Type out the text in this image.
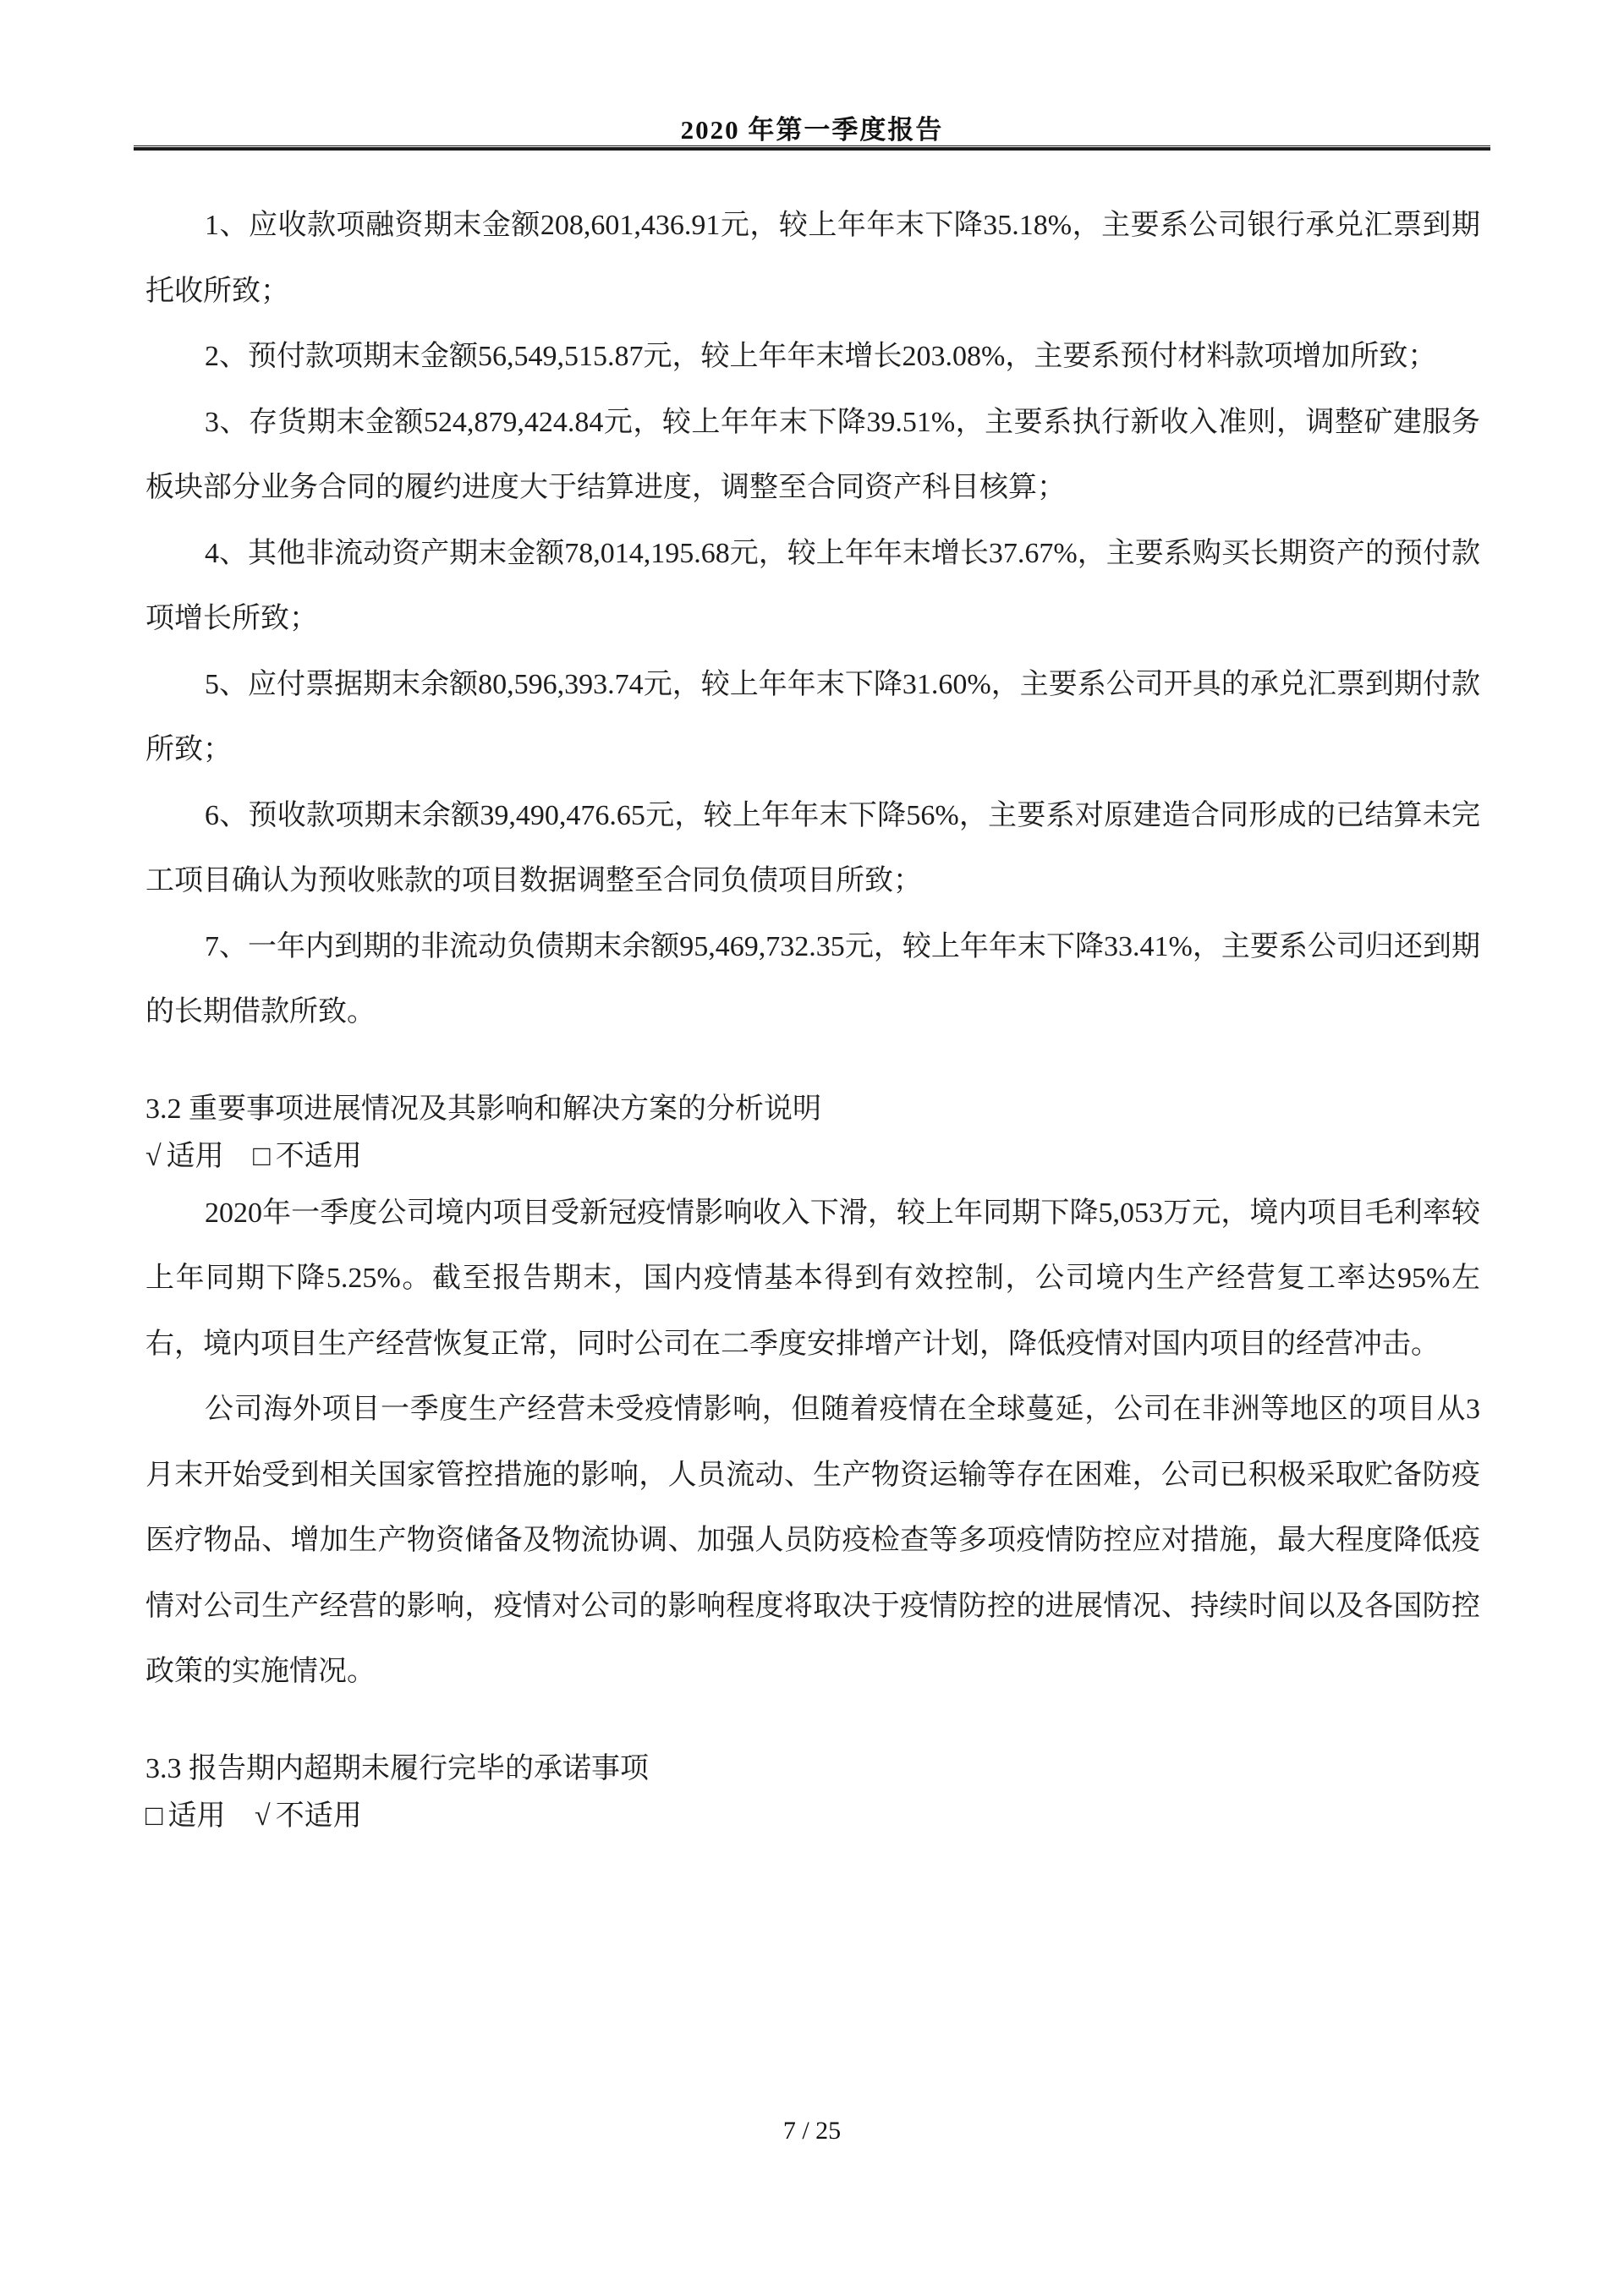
2020 年第一季度报告

1、应收款项融资期末金额208,601,436.91元，较上年年末下降35.18%，主要系公司银行承兑汇票到期托收所致；

2、预付款项期末金额56,549,515.87元，较上年年末增长203.08%，主要系预付材料款项增加所致；

3、存货期末金额524,879,424.84元，较上年年末下降39.51%，主要系执行新收入准则，调整矿建服务板块部分业务合同的履约进度大于结算进度，调整至合同资产科目核算；

4、其他非流动资产期末金额78,014,195.68元，较上年年末增长37.67%，主要系购买长期资产的预付款项增长所致；

5、应付票据期末余额80,596,393.74元，较上年年末下降31.60%，主要系公司开具的承兑汇票到期付款所致；

6、预收款项期末余额39,490,476.65元，较上年年末下降56%，主要系对原建造合同形成的已结算未完工项目确认为预收账款的项目数据调整至合同负债项目所致；

7、一年内到期的非流动负债期末余额95,469,732.35元，较上年年末下降33.41%，主要系公司归还到期的长期借款所致。

3.2 重要事项进展情况及其影响和解决方案的分析说明

√ 适用 □ 不适用

2020年一季度公司境内项目受新冠疫情影响收入下滑，较上年同期下降5,053万元，境内项目毛利率较上年同期下降5.25%。截至报告期末，国内疫情基本得到有效控制，公司境内生产经营复工率达95%左右，境内项目生产经营恢复正常，同时公司在二季度安排增产计划，降低疫情对国内项目的经营冲击。

公司海外项目一季度生产经营未受疫情影响，但随着疫情在全球蔓延，公司在非洲等地区的项目从3月末开始受到相关国家管控措施的影响，人员流动、生产物资运输等存在困难，公司已积极采取贮备防疫医疗物品、增加生产物资储备及物流协调、加强人员防疫检查等多项疫情防控应对措施，最大程度降低疫情对公司生产经营的影响，疫情对公司的影响程度将取决于疫情防控的进展情况、持续时间以及各国防控政策的实施情况。

3.3 报告期内超期未履行完毕的承诺事项

□ 适用 √ 不适用

7 / 25
